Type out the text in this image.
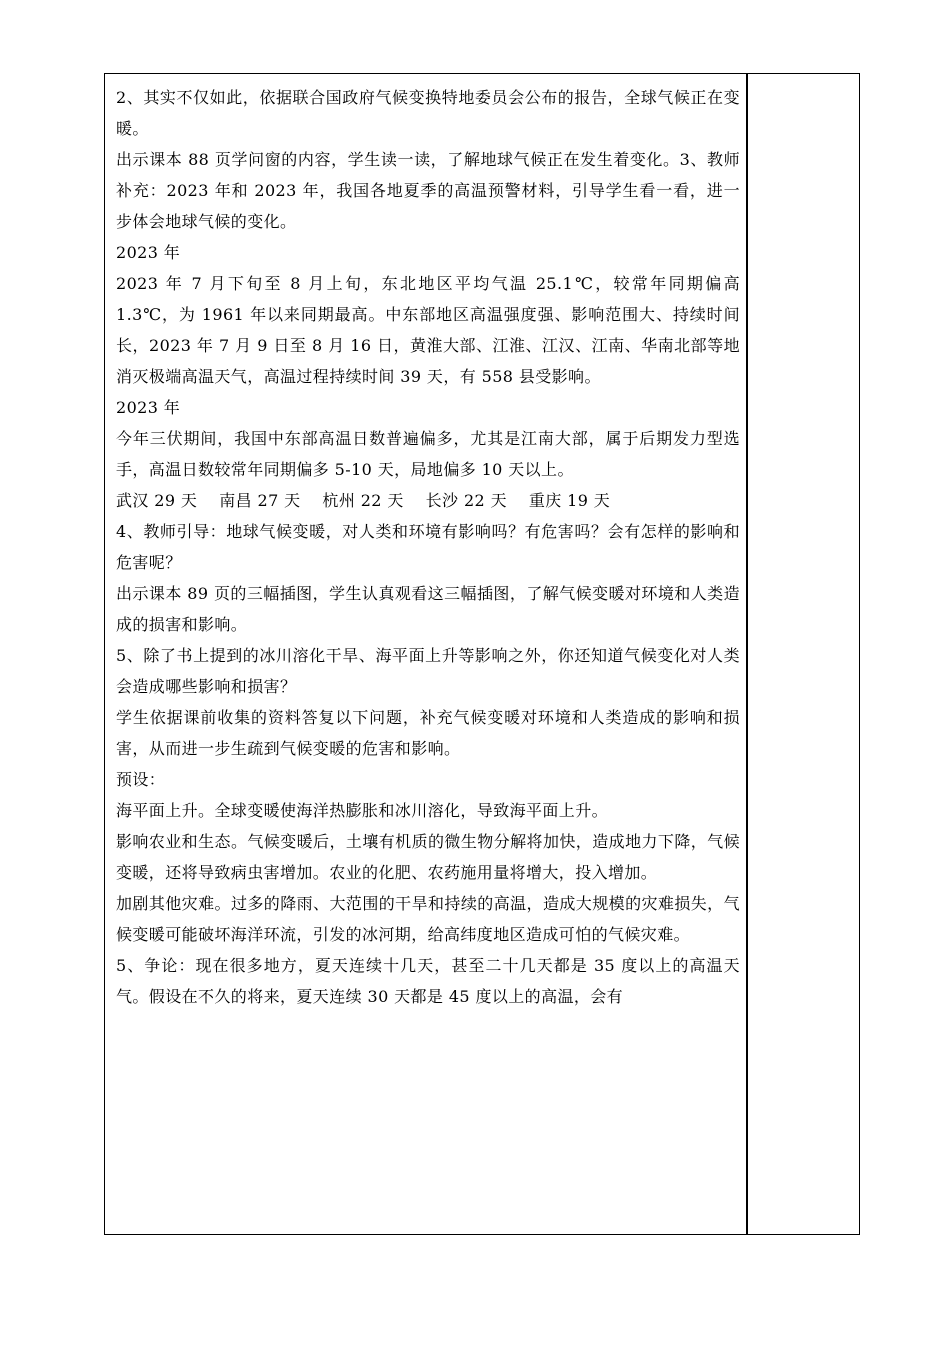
2、其实不仅如此，依据联合国政府气候变换特地委员会公布的报告，全球气候正在变暖。

出示课本 88 页学问窗的内容，学生读一读，了解地球气候正在发生着变化。3、教师补充：2023 年和 2023 年，我国各地夏季的高温预警材料，引导学生看一看，进一步体会地球气候的变化。

2023 年

2023 年 7 月下旬至 8 月上旬，东北地区平均气温 25.1℃，较常年同期偏高 1.3℃，为 1961 年以来同期最高。中东部地区高温强度强、影响范围大、持续时间长，2023 年 7 月 9 日至 8 月 16 日，黄淮大部、江淮、江汉、江南、华南北部等地消灭极端高温天气，高温过程持续时间 39 天，有 558 县受影响。

2023 年

今年三伏期间，我国中东部高温日数普遍偏多，尤其是江南大部，属于后期发力型选手，高温日数较常年同期偏多 5-10 天，局地偏多 10 天以上。

武汉 29 天　 南昌 27 天　 杭州 22 天　 长沙 22 天　 重庆 19 天

4、教师引导：地球气候变暖，对人类和环境有影响吗？有危害吗？会有怎样的影响和危害呢？

出示课本 89 页的三幅插图，学生认真观看这三幅插图，了解气候变暖对环境和人类造成的损害和影响。

5、除了书上提到的冰川溶化干旱、海平面上升等影响之外，你还知道气候变化对人类会造成哪些影响和损害？

学生依据课前收集的资料答复以下问题，补充气候变暖对环境和人类造成的影响和损害，从而进一步生疏到气候变暖的危害和影响。

预设：

海平面上升。全球变暖使海洋热膨胀和冰川溶化，导致海平面上升。

影响农业和生态。气候变暖后，土壤有机质的微生物分解将加快，造成地力下降，气候变暖，还将导致病虫害增加。农业的化肥、农药施用量将增大，投入增加。

加剧其他灾难。过多的降雨、大范围的干旱和持续的高温，造成大规模的灾难损失，气候变暖可能破坏海洋环流，引发的冰河期，给高纬度地区造成可怕的气候灾难。

5、争论：现在很多地方，夏天连续十几天，甚至二十几天都是 35 度以上的高温天气。假设在不久的将来，夏天连续 30 天都是 45 度以上的高温，会有
